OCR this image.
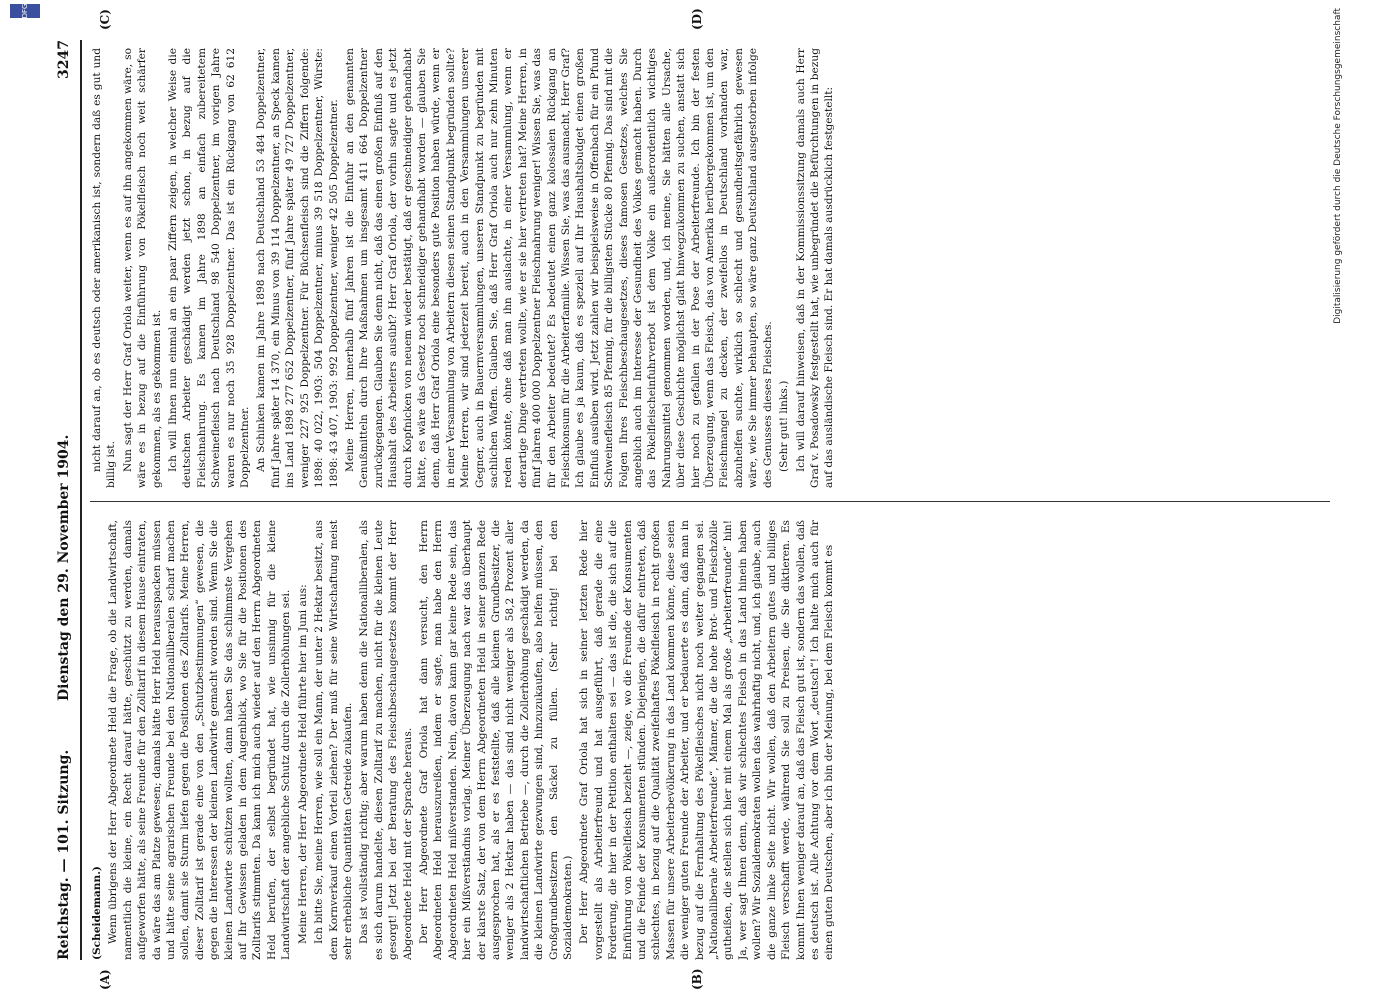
Reichstag. — 101. Sitzung.          Dienstag den 29. November 1904.
3247

(Scheidemann.) Wenn übrigens der Herr Abgeordnete Held die Frage, ob die Landwirtschaft, namentlich die kleine, ein Recht darauf hätte, geschützt zu werden, damals aufgeworfen hätte, als seine Freunde für den Zolltarif in diesem Hause eintraten, da wäre das am Platze gewesen; damals hätte Herr Held herausspacken müssen und hätte seine agrarischen Freunde bei den Nationalliberalen scharf machen sollen, damit sie Sturm liefen gegen die Positionen des Zolltarifs. Meine Herren, dieser Zolltarif ist gerade eine von den „Schutzbestimmungen“ gewesen, die gegen die Interessen der kleinen Landwirte gemacht worden sind. Wenn Sie die kleinen Landwirte schützen wollten, dann haben Sie das schlimmste Vergehen auf Ihr Gewissen geladen in dem Augenblick, wo Sie für die Positionen des Zolltarifs stimmten. Da kann ich mich auch wieder auf den Herrn Abgeordneten Held berufen, der selbst begründet hat, wie unsinnig für die kleine Landwirtschaft der angebliche Schutz durch die Zollerhöhungen sei. Meine Herren, der Herr Abgeordnete Held führte hier im Juni aus: Ich bitte Sie, meine Herren, wie soll ein Mann, der unter 2 Hektar besitzt, aus dem Kornverkauf einen Vorteil ziehen? Der muß für seine Wirtschaftung meist sehr erhebliche Quantitäten Getreide zukaufen. Das ist vollständig richtig; aber warum haben denn die Nationalliberalen, als es sich darum handelte, diesen Zolltarif zu machen, nicht für die kleinen Leute gesorgt! Jetzt bei der Beratung des Fleischbeschaugesetzes kommt der Herr Abgeordnete Held mit der Sprache heraus. Der Herr Abgeordnete Graf Oriola hat dann versucht, den Herrn Abgeordneten Held herauszureißen, indem er sagte, man habe den Herrn Abgeordneten Held mißverstanden. Nein, davon kann gar keine Rede sein, das hier ein Mißverständnis vorlag. Meiner Überzeugung nach war das überhaupt der klarste Satz, der von dem Herrn Abgeordneten Held in seiner ganzen Rede ausgesprochen hat, als er es feststellte, daß alle kleinen Grundbesitzer, die weniger als 2 Hektar haben — das sind nicht weniger als 58,2 Prozent aller landwirtschaftlichen Betriebe —, durch die Zollerhöhung geschädigt werden, da die kleinen Landwirte gezwungen sind, hinzuzukaufen, also helfen müssen, den Großgrundbesitzern den Säckel zu füllen. (Sehr richtig! bei den Sozialdemokraten.) Der Herr Abgeordnete Graf Oriola hat sich in seiner letzten Rede hier vorgestellt als Arbeiterfreund und hat ausgeführt, daß gerade die eine Forderung, die hier in der Petition enthalten sei — das ist die, die sich auf die Einführung von Pökelfleisch bezieht —, zeige, wo die Freunde der Konsumenten und die Feinde der Konsumenten stünden. Diejenigen, die dafür eintreten, daß schlechtes, in bezug auf die Qualität zweifelhaftes Pökelfleisch in recht großen Massen für unsere Arbeiterbevölkerung in das Land kommen könne, diese seien die weniger guten Freunde der Arbeiter, und er bedauerte es dann, daß man in bezug auf die Fernhaltung des Pökelfleisches nicht noch weiter gegangen sei. „Nationalliberale Arbeiterfreunde“, Männer, die die hohe Brot- und Fleischzölle gutheißen, die stellen sich hier mit einem Mal als große „Arbeiterfreunde“ hin! Ja, wer sagt Ihnen denn, daß wir schlechtes Fleisch in das Land hinein haben wollen? Wir Sozialdemokraten wollen das wahrhaftig nicht, und, ich glaube, auch die ganze linke Seite nicht. Wir wollen, daß den Arbeitern gutes und billiges Fleisch verschafft werde, während Sie soll zu Preisen, die Sie diktieren. Es kommt Ihnen weniger darauf an, daß das Fleisch gut ist, sondern das wollen, daß es deutsch ist. Alle Achtung vor dem Wort „deutsch“! Ich halte mich auch für einen guten Deutschen, aber ich bin der Meinung, bei dem Fleisch kommt es

nicht darauf an, ob es deutsch oder amerikanisch ist, sondern daß es gut und billig ist. Nun sagt der Herr Graf Oriola weiter, wenn es auf ihn angekommen wäre, so wäre es in bezug auf die Einführung von Pökelfleisch noch weit schärfer gekommen, als es gekommen ist. Ich will Ihnen nun einmal an ein paar Ziffern zeigen, in welcher Weise die deutschen Arbeiter geschädigt werden jetzt schon, in bezug auf die Fleischnahrung. Es kamen im Jahre 1898 an einfach zubereitetem Schweinefleisch nach Deutschland 98 540 Doppelzentner, im vorigen Jahre waren es nur noch 35 928 Doppelzentner. Das ist ein Rückgang von 62 612 Doppelzentner. An Schinken kamen im Jahre 1898 nach Deutschland 53 484 Doppelzentner, fünf Jahre später 14 370, ein Minus von 39 114 Doppelzentner, an Speck kamen ins Land 1898 277 652 Doppelzentner, fünf Jahre später 49 727 Doppelzentner, weniger 227 925 Doppelzentner. Für Büchsenfleisch sind die Ziffern folgende: 1898: 40 022, 1903: 504 Doppelzentner, minus 39 518 Doppelzentner, Würste: 1898: 43 407, 1903: 992 Doppelzentner, weniger 42 505 Doppelzentner. Meine Herren, innerhalb fünf Jahren ist die Einfuhr an den genannten Genußmitteln durch Ihre Maßnahmen um insgesamt 411 664 Doppelzentner zurückgegangen. Glauben Sie denn nicht, daß das einen großen Einfluß auf den Haushalt des Arbeiters ausübt? Herr Graf Oriola, der vorhin sagte und es jetzt durch Kopfnicken von neuem wieder bestätigt, daß er geschneidiger gehandhabt hätte, es wäre das Gesetz noch schneidiger gehandhabt worden — glauben Sie denn, daß Herr Graf Oriola eine besonders gute Position haben würde, wenn er in einer Versammlung von Arbeitern diesen seinen Standpunkt begründen sollte? Meine Herren, wir sind jederzeit bereit, auch in den Versammlungen unserer Gegner, auch in Bauernversammlungen, unseren Standpunkt zu begründen mit sachlichen Waffen. Glauben Sie, daß Herr Graf Oriola auch nur zehn Minuten reden könnte, ohne daß man ihn auslachte, in einer Versammlung, wenn er derartige Dinge vertreten wollte, wie er sie hier vertreten hat? Meine Herren, in fünf Jahren 400 000 Doppelzentner Fleischnahrung weniger! Wissen Sie, was das für den Arbeiter bedeutet? Es bedeutet einen ganz kolossalen Rückgang an Fleischkonsum für die Arbeiterfamilie. Wissen Sie, was das ausmacht, Herr Graf? Ich glaube es ja kaum, daß es speziell auf Ihr Haushaltsbudget einen großen Einfluß ausüben wird. Jetzt zahlen wir beispielsweise in Offenbach für ein Pfund Schweinefleisch 85 Pfennig, für die billigsten Stücke 80 Pfennig. Das sind mit die Folgen Ihres Fleischbeschaugesetzes, dieses famosen Gesetzes, welches Sie angeblich auch im Interesse der Gesundheit des Volkes gemacht haben. Durch das Pökelfleischeinfuhrverbot ist dem Volke ein außerordentlich wichtiges Nahrungsmittel genommen worden, und, ich meine, Sie hätten alle Ursache, über diese Geschichte möglichst glatt hinwegzukommen zu suchen, anstatt sich hier noch zu gefallen in der Pose der Arbeiterfreunde. Ich bin der festen Überzeugung, wenn das Fleisch, das von Amerika herübergekommen ist, um den Fleischmangel zu decken, der zweifellos in Deutschland vorhanden war, abzuhelfen suchte, wirklich so schlecht und gesundheitsgefährlich gewesen wäre, wie Sie immer behaupten, so wäre ganz Deutschland ausgestorben infolge des Genusses dieses Fleisches. (Sehr gut! links.) Ich will darauf hinweisen, daß in der Kommissionssitzung damals auch Herr Graf v. Posadowsky festgestellt hat, wie unbegründet die Befürchtungen in bezug auf das ausländische Fleisch sind. Er hat damals ausdrücklich festgestellt:

(A)	(B)
(C)	(D)
DFG	Digitalisierung gefördert durch die Deutsche Forschungsgemeinschaft
